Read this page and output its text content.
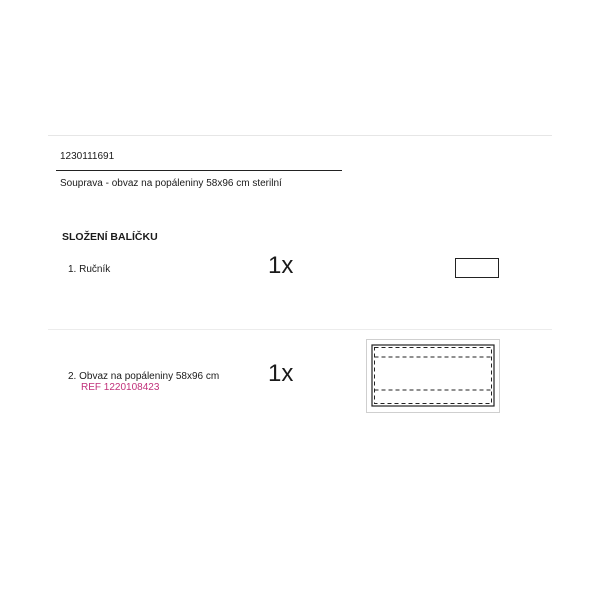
1230111691
Souprava - obvaz na popáleniny 58x96 cm sterilní
SLOŽENÍ BALÍČKU
1. Ručník	1x
2. Obvaz na popáleniny 58x96 cm
REF 1220108423
1x
